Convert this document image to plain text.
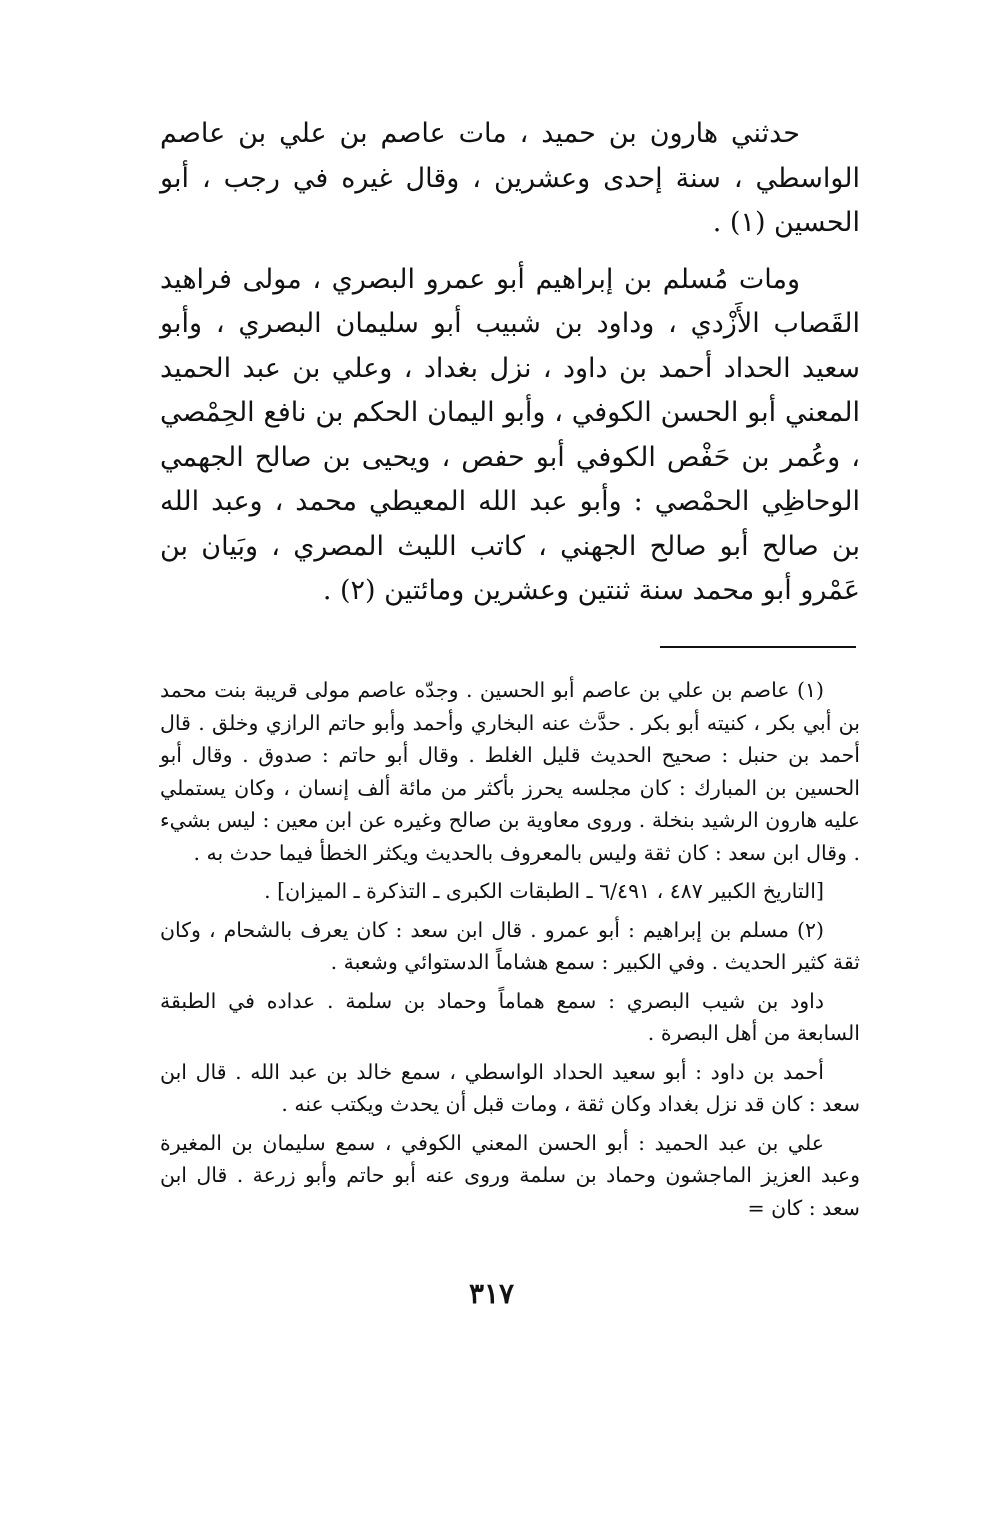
حدثني هارون بن حميد ، مات عاصم بن علي بن عاصم الواسطي ، سنة إحدى وعشرين ، وقال غيره في رجب ، أبو الحسين (١) .

ومات مُسلم بن إبراهيم أبو عمرو البصري ، مولى فراهيد القَصاب الأَزْدي ، وداود بن شبيب أبو سليمان البصري ، وأبو سعيد الحداد أحمد بن داود ، نزل بغداد ، وعلي بن عبد الحميد المعني أبو الحسن الكوفي ، وأبو اليمان الحكم بن نافع الحِمْصي ، وعُمر بن حَفْص الكوفي أبو حفص ، ويحيى بن صالح الجهمي الوحاظِي الحمْصي : وأبو عبد الله المعيطي محمد ، وعبد الله بن صالح أبو صالح الجهني ، كاتب الليث المصري ، وبَيان بن عَمْرو أبو محمد سنة ثنتين وعشرين ومائتين (٢) .

(١) عاصم بن علي بن عاصم أبو الحسين . وجدّه عاصم مولى قريبة بنت محمد بن أبي بكر ، كنيته أبو بكر . حدَّث عنه البخاري وأحمد وأبو حاتم الرازي وخلق . قال أحمد بن حنبل : صحيح الحديث قليل الغلط . وقال أبو حاتم : صدوق . وقال أبو الحسين بن المبارك : كان مجلسه يحرز بأكثر من مائة ألف إنسان ، وكان يستملي عليه هارون الرشيد بنخلة . وروى معاوية بن صالح وغيره عن ابن معين : ليس بشيء . وقال ابن سعد : كان ثقة وليس بالمعروف بالحديث ويكثر الخطأ فيما حدث به .

[التاريخ الكبير ٤٨٧ ، ٦/٤٩١ ـ الطبقات الكبرى ـ التذكرة ـ الميزان] .

(٢) مسلم بن إبراهيم : أبو عمرو . قال ابن سعد : كان يعرف بالشحام ، وكان ثقة كثير الحديث . وفي الكبير : سمع هشاماً الدستوائي وشعبة .

داود بن شيب البصري : سمع هماماً وحماد بن سلمة . عداده في الطبقة السابعة من أهل البصرة .

أحمد بن داود : أبو سعيد الحداد الواسطي ، سمع خالد بن عبد الله . قال ابن سعد : كان قد نزل بغداد وكان ثقة ، ومات قبل أن يحدث ويكتب عنه .

علي بن عبد الحميد : أبو الحسن المعني الكوفي ، سمع سليمان بن المغيرة وعبد العزيز الماجشون وحماد بن سلمة وروى عنه أبو حاتم وأبو زرعة . قال ابن سعد : كان =

٣١٧
